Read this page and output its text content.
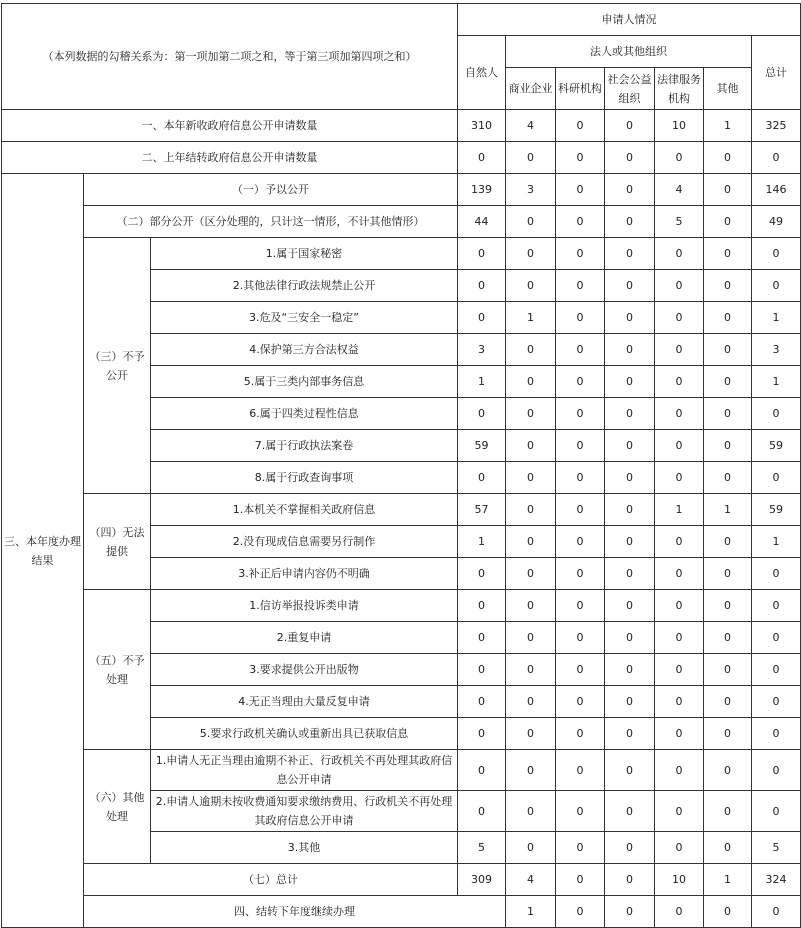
（本列数据的勾稽关系为：第一项加第二项之和，等于第三项加第四项之和）			申请人情况							
			自然人	法人或其他组织					总计	
				商业企业	科研机构	社会公益组织	法律服务机构	其他		
一、本年新收政府信息公开申请数量			310	4	0	0	10	1	325	
二、上年结转政府信息公开申请数量			0	0	0	0	0	0	0	
三、本年度办理结果	（一）予以公开		139	3	0	0	4	0	146	
	（二）部分公开（区分处理的，只计这一情形，不计其他情形）		44	0	0	0	5	0	49	
	（三）不予公开	1.属于国家秘密	0	0	0	0	0	0	0	
		2.其他法律行政法规禁止公开	0	0	0	0	0	0	0	
		3.危及“三安全一稳定”	0	1	0	0	0	0	1	
		4.保护第三方合法权益	3	0	0	0	0	0	3	
		5.属于三类内部事务信息	1	0	0	0	0	0	1	
		6.属于四类过程性信息	0	0	0	0	0	0	0	
		7.属于行政执法案卷	59	0	0	0	0	0	59	
		8.属于行政查询事项	0	0	0	0	0	0	0	
	（四）无法提供	1.本机关不掌握相关政府信息	57	0	0	0	1	1	59	
		2.没有现成信息需要另行制作	1	0	0	0	0	0	1	
		3.补正后申请内容仍不明确	0	0	0	0	0	0	0	
	（五）不予处理	1.信访举报投诉类申请	0	0	0	0	0	0	0	
		2.重复申请	0	0	0	0	0	0	0	
		3.要求提供公开出版物	0	0	0	0	0	0	0	
		4.无正当理由大量反复申请	0	0	0	0	0	0	0	
		5.要求行政机关确认或重新出具已获取信息	0	0	0	0	0	0	0	
	（六）其他处理	1.申请人无正当理由逾期不补正、行政机关不再处理其政府信息公开申请	0	0	0	0	0	0	0	
		2.申请人逾期未按收费通知要求缴纳费用、行政机关不再处理其政府信息公开申请	0	0	0	0	0	0	0	
		3.其他	5	0	0	0	0	0	5	
	（七）总计		309	4	0	0	10	1	324	
	四、结转下年度继续办理			1	0	0	0	0	0	
